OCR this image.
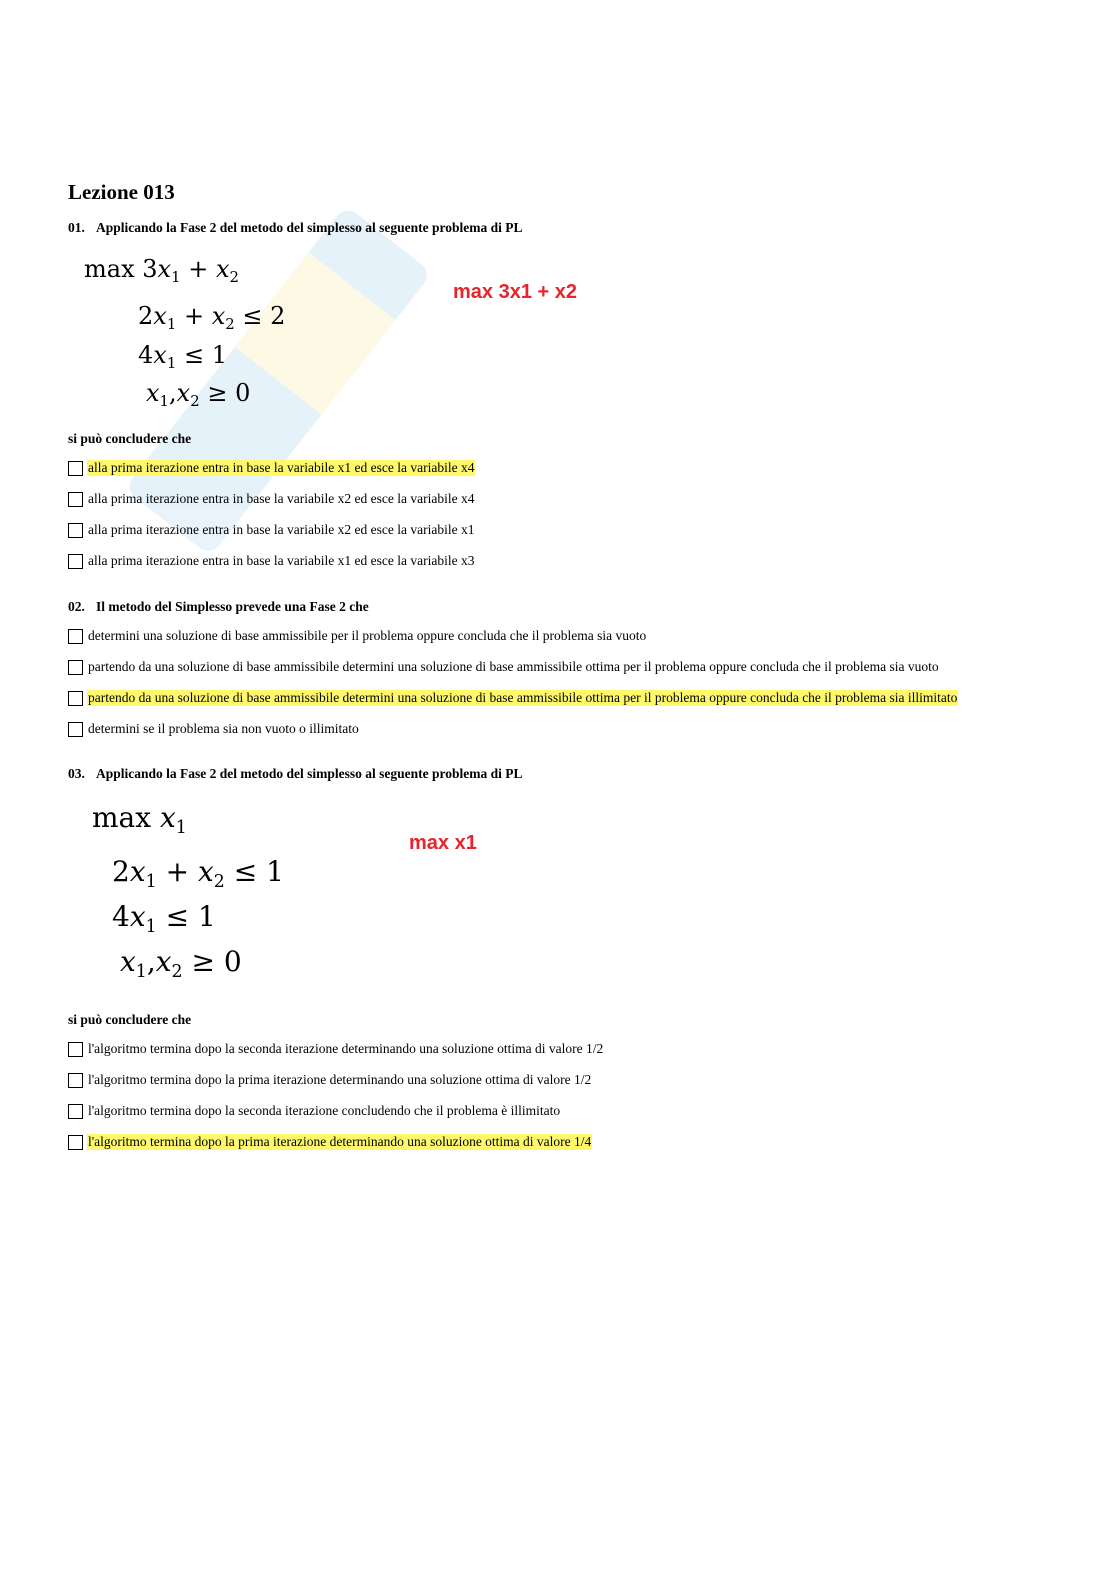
Lezione 013
01. Applicando la Fase 2 del metodo del simplesso al seguente problema di PL
$\max 3x_1 + x_2$
$2x_1 + x_2 \le 2$
$4x_1 \le 1$
$x_1,x_2 \ge 0$
max 3x1 + x2
si può concludere che
alla prima iterazione entra in base la variabile x1 ed esce la variabile x4
alla prima iterazione entra in base la variabile x2 ed esce la variabile x4
alla prima iterazione entra in base la variabile x2 ed esce la variabile x1
alla prima iterazione entra in base la variabile x1 ed esce la variabile x3
02. Il metodo del Simplesso prevede una Fase 2 che
determini una soluzione di base ammissibile per il problema oppure concluda che il problema sia vuoto
partendo da una soluzione di base ammissibile determini una soluzione di base ammissibile ottima per il problema oppure concluda che il problema sia vuoto
partendo da una soluzione di base ammissibile determini una soluzione di base ammissibile ottima per il problema oppure concluda che il problema sia illimitato
determini se il problema sia non vuoto o illimitato
03. Applicando la Fase 2 del metodo del simplesso al seguente problema di PL
$\max x_1$
$2x_1 + x_2 \le 1$
$4x_1 \le 1$
$x_1,x_2 \ge 0$
max x1
si può concludere che
l'algoritmo termina dopo la seconda iterazione determinando una soluzione ottima di valore 1/2
l'algoritmo termina dopo la prima iterazione determinando una soluzione ottima di valore 1/2
l'algoritmo termina dopo la seconda iterazione concludendo che il problema è illimitato
l'algoritmo termina dopo la prima iterazione determinando una soluzione ottima di valore 1/4
